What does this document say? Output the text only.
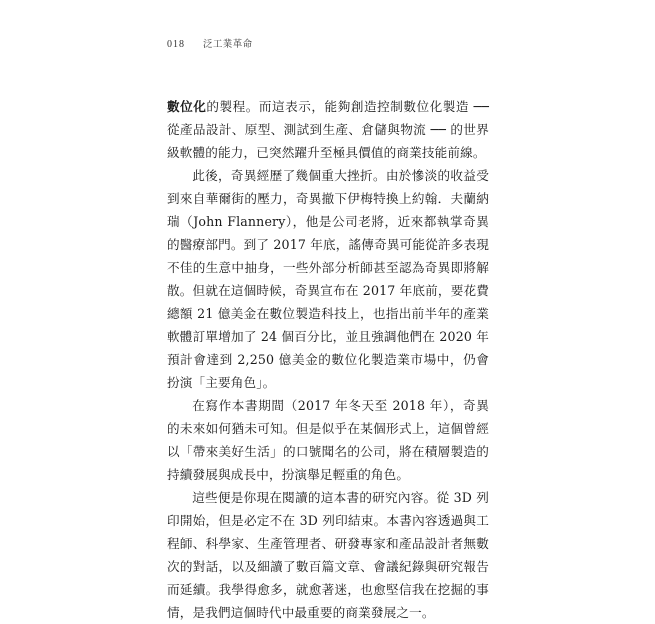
018 泛工業革命

數位化的製程。而這表示，能夠創造控制數位化製造 ── 從產品設計、原型、測試到生產、倉儲與物流 ── 的世界級軟體的能力，已突然躍升至極具價值的商業技能前線。

此後，奇異經歷了幾個重大挫折。由於慘淡的收益受到來自華爾街的壓力，奇異撤下伊梅特換上約翰．夫蘭納瑞（John Flannery），他是公司老將，近來都執掌奇異的醫療部門。到了 2017 年底，謠傳奇異可能從許多表現不佳的生意中抽身，一些外部分析師甚至認為奇異即將解散。但就在這個時候，奇異宣布在 2017 年底前，要花費總額 21 億美金在數位製造科技上，也指出前半年的產業軟體訂單增加了 24 個百分比，並且強調他們在 2020 年預計會達到 2,250 億美金的數位化製造業市場中，仍會扮演「主要角色」。

在寫作本書期間（2017 年冬天至 2018 年），奇異的未來如何猶未可知。但是似乎在某個形式上，這個曾經以「帶來美好生活」的口號聞名的公司，將在積層製造的持續發展與成長中，扮演舉足輕重的角色。

這些便是你現在閱讀的這本書的研究內容。從 3D 列印開始，但是必定不在 3D 列印結束。本書內容透過與工程師、科學家、生產管理者、研發專家和產品設計者無數次的對話，以及細讀了數百篇文章、會議紀錄與研究報告而延續。我學得愈多，就愈著迷，也愈堅信我在挖掘的事情，是我們這個時代中最重要的商業發展之一。
